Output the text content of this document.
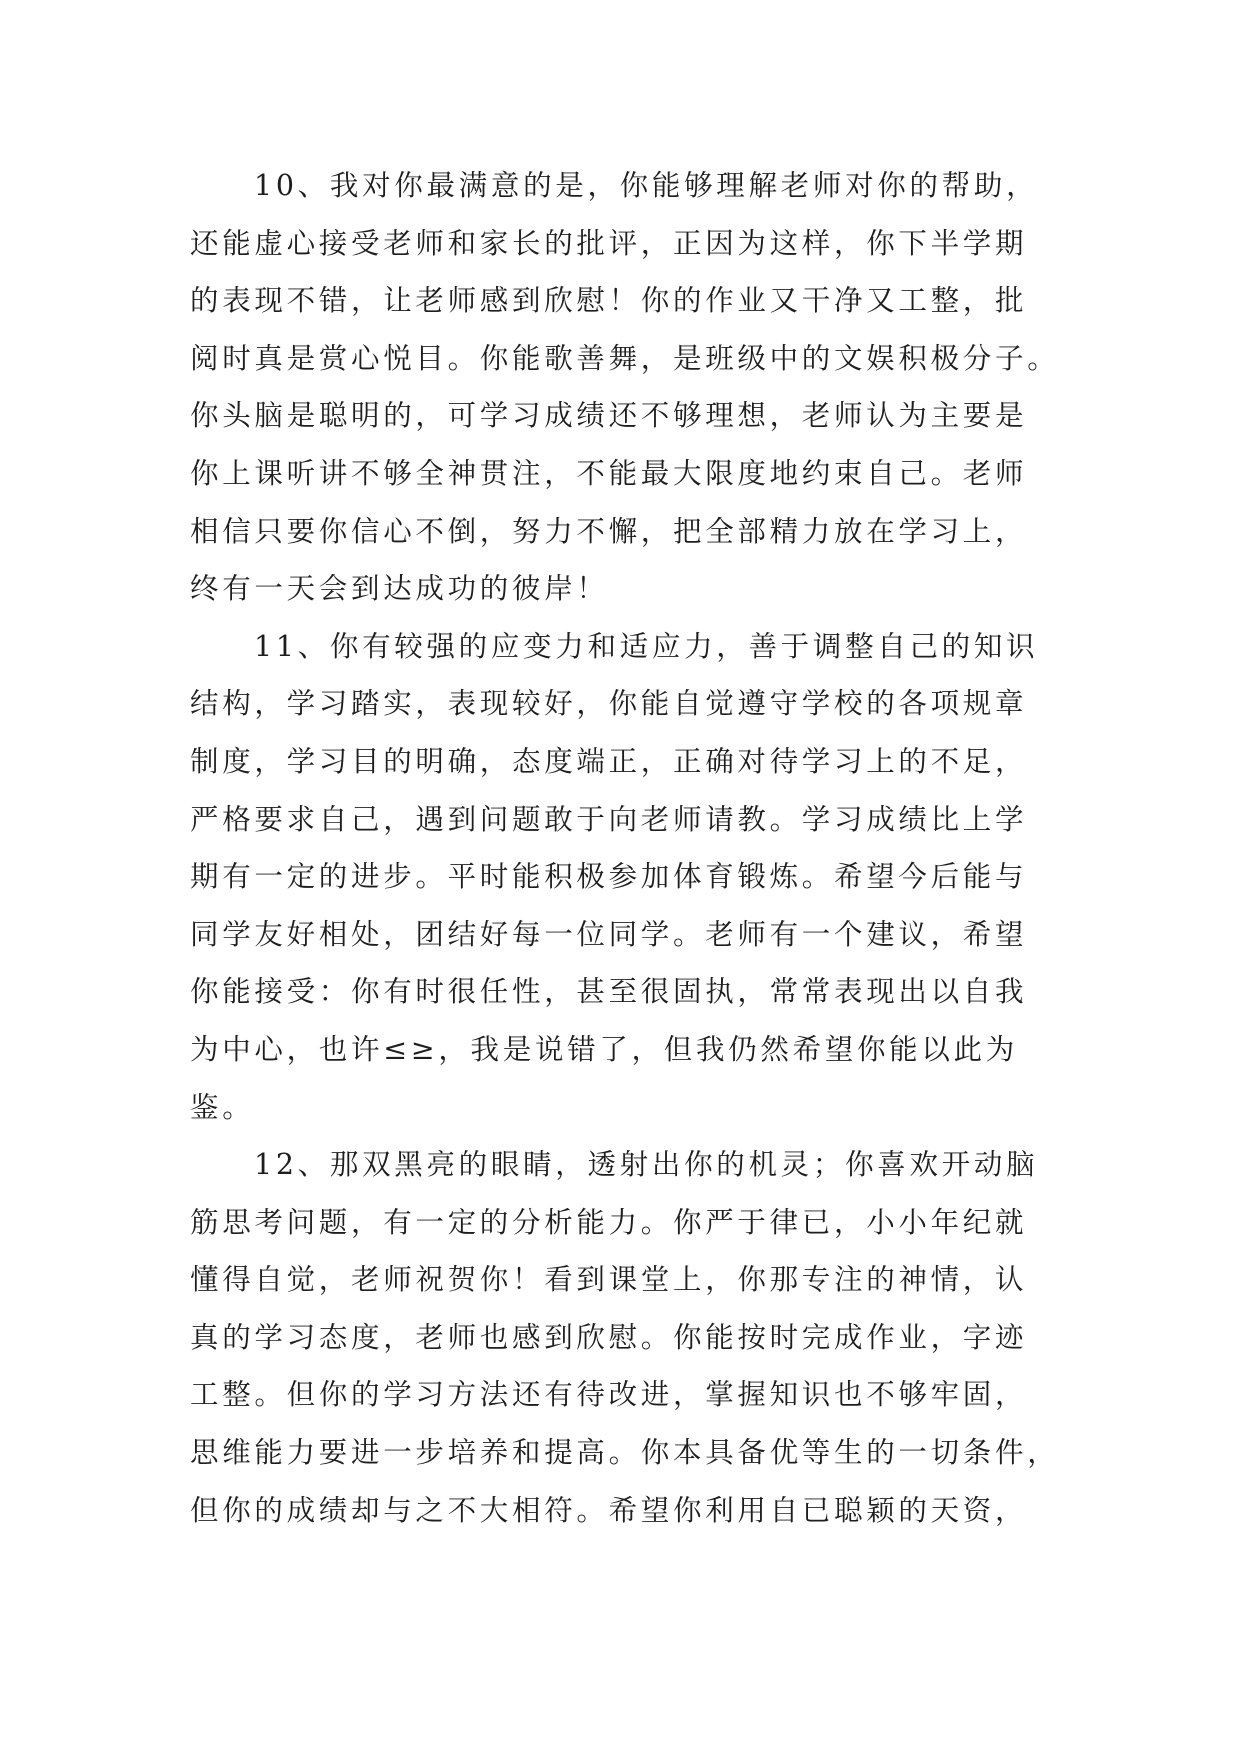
10、我对你最满意的是，你能够理解老师对你的帮助，
还能虚心接受老师和家长的批评，正因为这样，你下半学期
的表现不错，让老师感到欣慰！你的作业又干净又工整，批
阅时真是赏心悦目。你能歌善舞，是班级中的文娱积极分子。
你头脑是聪明的，可学习成绩还不够理想，老师认为主要是
你上课听讲不够全神贯注，不能最大限度地约束自己。老师
相信只要你信心不倒，努力不懈，把全部精力放在学习上，
终有一天会到达成功的彼岸！
11、你有较强的应变力和适应力，善于调整自己的知识
结构，学习踏实，表现较好，你能自觉遵守学校的各项规章
制度，学习目的明确，态度端正，正确对待学习上的不足，
严格要求自己，遇到问题敢于向老师请教。学习成绩比上学
期有一定的进步。平时能积极参加体育锻炼。希望今后能与
同学友好相处，团结好每一位同学。老师有一个建议，希望
你能接受：你有时很任性，甚至很固执，常常表现出以自我
为中心，也许≤≥，我是说错了，但我仍然希望你能以此为
鉴。
12、那双黑亮的眼睛，透射出你的机灵；你喜欢开动脑
筋思考问题，有一定的分析能力。你严于律已，小小年纪就
懂得自觉，老师祝贺你！看到课堂上，你那专注的神情，认
真的学习态度，老师也感到欣慰。你能按时完成作业，字迹
工整。但你的学习方法还有待改进，掌握知识也不够牢固，
思维能力要进一步培养和提高。你本具备优等生的一切条件，
但你的成绩却与之不大相符。希望你利用自已聪颖的天资，
